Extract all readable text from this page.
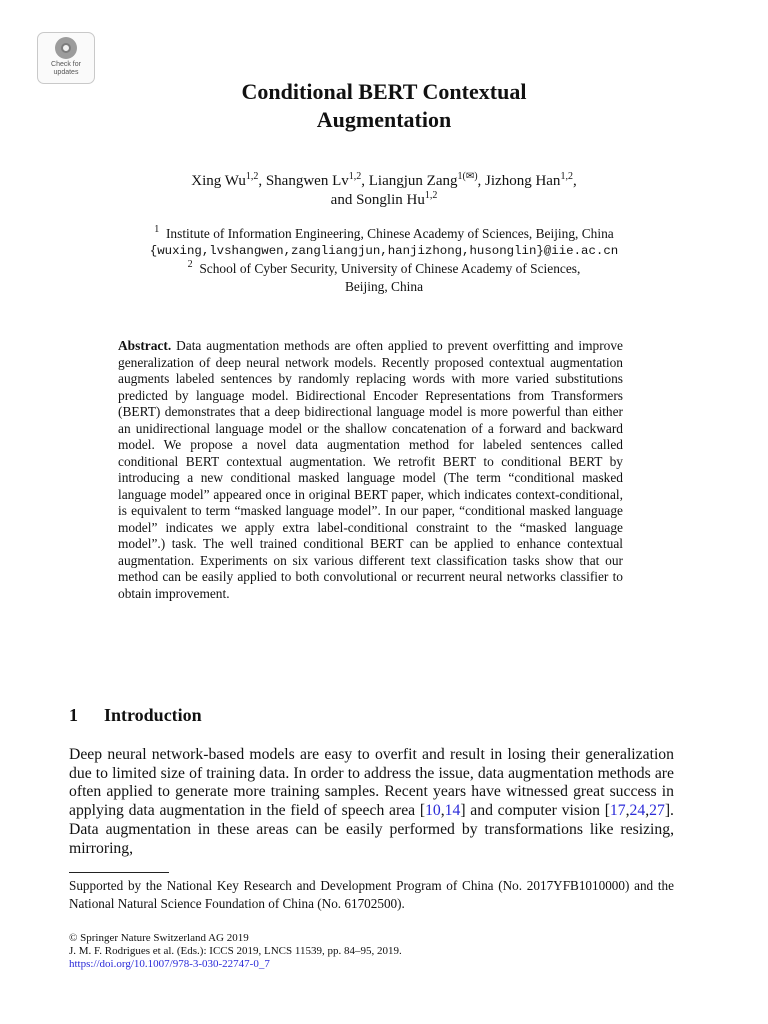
Check for
updates
Conditional BERT Contextual
Augmentation
Xing Wu$^{1,2}$, Shangwen Lv$^{1,2}$, Liangjun Zang$^{1(✉)}$, Jizhong Han$^{1,2}$,
and Songlin Hu$^{1,2}$
$^1$ Institute of Information Engineering, Chinese Academy of Sciences, Beijing, China
{wuxing,lvshangwen,zangliangjun,hanjizhong,husonglin}@iie.ac.cn
$^2$ School of Cyber Security, University of Chinese Academy of Sciences,
Beijing, China
Abstract. Data augmentation methods are often applied to prevent overfitting and improve generalization of deep neural network models. Recently proposed contextual augmentation augments labeled sentences by randomly replacing words with more varied substitutions predicted by language model. Bidirectional Encoder Representations from Transformers (BERT) demonstrates that a deep bidirectional language model is more powerful than either an unidirectional language model or the shallow concatenation of a forward and backward model. We propose a novel data augmentation method for labeled sentences called conditional BERT contextual augmentation. We retrofit BERT to conditional BERT by introducing a new conditional masked language model (The term “conditional masked language model” appeared once in original BERT paper, which indicates context-conditional, is equivalent to term “masked language model”. In our paper, “conditional masked language model” indicates we apply extra label-conditional constraint to the “masked language model”.) task. The well trained conditional BERT can be applied to enhance contextual augmentation. Experiments on six various different text classification tasks show that our method can be easily applied to both convolutional or recurrent neural networks classifier to obtain improvement.
1 Introduction
Deep neural network-based models are easy to overfit and result in losing their generalization due to limited size of training data. In order to address the issue, data augmentation methods are often applied to generate more training samples. Recent years have witnessed great success in applying data augmentation in the field of speech area [10,14] and computer vision [17,24,27]. Data augmentation in these areas can be easily performed by transformations like resizing, mirroring,
Supported by the National Key Research and Development Program of China (No. 2017YFB1010000) and the National Natural Science Foundation of China (No. 61702500).
© Springer Nature Switzerland AG 2019
J. M. F. Rodrigues et al. (Eds.): ICCS 2019, LNCS 11539, pp. 84–95, 2019.
https://doi.org/10.1007/978-3-030-22747-0_7
